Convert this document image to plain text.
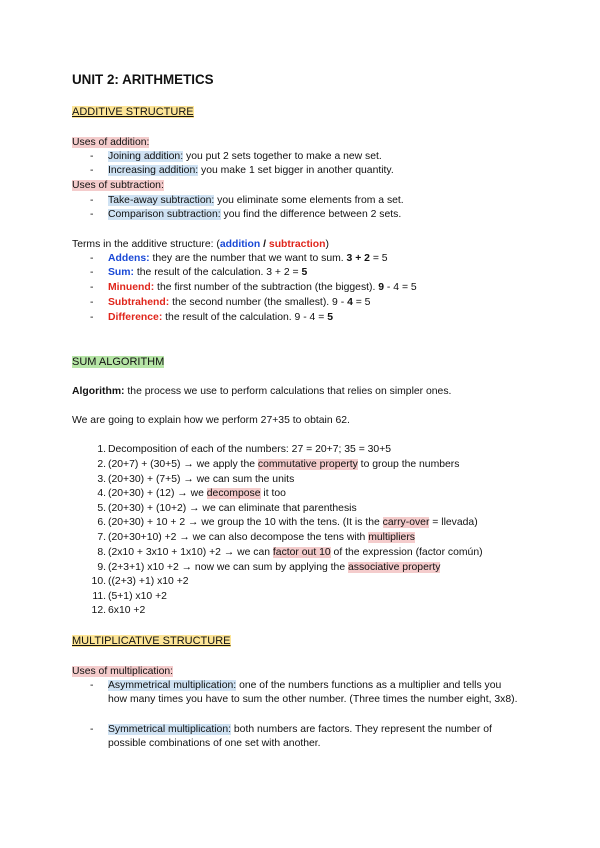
UNIT 2: ARITHMETICS
ADDITIVE STRUCTURE
Uses of addition:
- Joining addition: you put 2 sets together to make a new set.
- Increasing addition: you make 1 set bigger in another quantity.
Uses of subtraction:
- Take-away subtraction: you eliminate some elements from a set.
- Comparison subtraction: you find the difference between 2 sets.
Terms in the additive structure: (addition / subtraction)
- Addens: they are the number that we want to sum. 3 + 2 = 5
- Sum: the result of the calculation. 3 + 2 = 5
- Minuend: the first number of the subtraction (the biggest). 9 - 4 = 5
- Subtrahend: the second number (the smallest). 9 - 4 = 5
- Difference: the result of the calculation. 9 - 4 = 5
SUM ALGORITHM
Algorithm: the process we use to perform calculations that relies on simpler ones.
We are going to explain how we perform 27+35 to obtain 62.
1. Decomposition of each of the numbers: 27 = 20+7; 35 = 30+5
2. (20+7) + (30+5) → we apply the commutative property to group the numbers
3. (20+30) + (7+5) → we can sum the units
4. (20+30) + (12) → we decompose it too
5. (20+30) + (10+2) → we can eliminate that parenthesis
6. (20+30) + 10 + 2 → we group the 10 with the tens. (It is the carry-over = llevada)
7. (20+30+10) +2 → we can also decompose the tens with multipliers
8. (2x10 + 3x10 + 1x10) +2 → we can factor out 10 of the expression (factor común)
9. (2+3+1) x10 +2 → now we can sum by applying the associative property
10. ((2+3) +1) x10 +2
11. (5+1) x10 +2
12. 6x10 +2
MULTIPLICATIVE STRUCTURE
Uses of multiplication:
- Asymmetrical multiplication: one of the numbers functions as a multiplier and tells you how many times you have to sum the other number. (Three times the number eight, 3x8).
- Symmetrical multiplication: both numbers are factors. They represent the number of possible combinations of one set with another.
